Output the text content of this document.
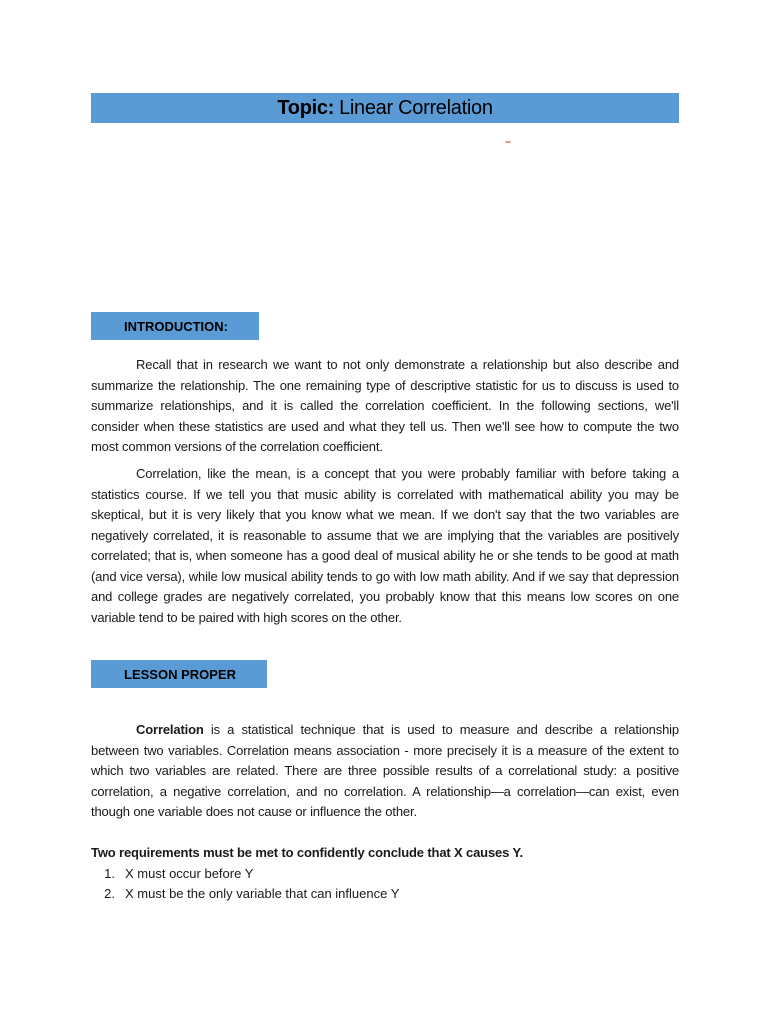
Topic: Linear Correlation
INTRODUCTION:

Recall that in research we want to not only demonstrate a relationship but also describe and summarize the relationship. The one remaining type of descriptive statistic for us to discuss is used to summarize relationships, and it is called the correlation coefficient. In the following sections, we'll consider when these statistics are used and what they tell us. Then we'll see how to compute the two most common versions of the correlation coefficient.

Correlation, like the mean, is a concept that you were probably familiar with before taking a statistics course. If we tell you that music ability is correlated with mathematical ability you may be skeptical, but it is very likely that you know what we mean. If we don't say that the two variables are negatively correlated, it is reasonable to assume that we are implying that the variables are positively correlated; that is, when someone has a good deal of musical ability he or she tends to be good at math (and vice versa), while low musical ability tends to go with low math ability. And if we say that depression and college grades are negatively correlated, you probably know that this means low scores on one variable tend to be paired with high scores on the other.

LESSON PROPER

Correlation is a statistical technique that is used to measure and describe a relationship between two variables. Correlation means association - more precisely it is a measure of the extent to which two variables are related. There are three possible results of a correlational study: a positive correlation, a negative correlation, and no correlation. A relationship—a correlation—can exist, even though one variable does not cause or influence the other.

Two requirements must be met to confidently conclude that X causes Y.

1. X must occur before Y
2. X must be the only variable that can influence Y
